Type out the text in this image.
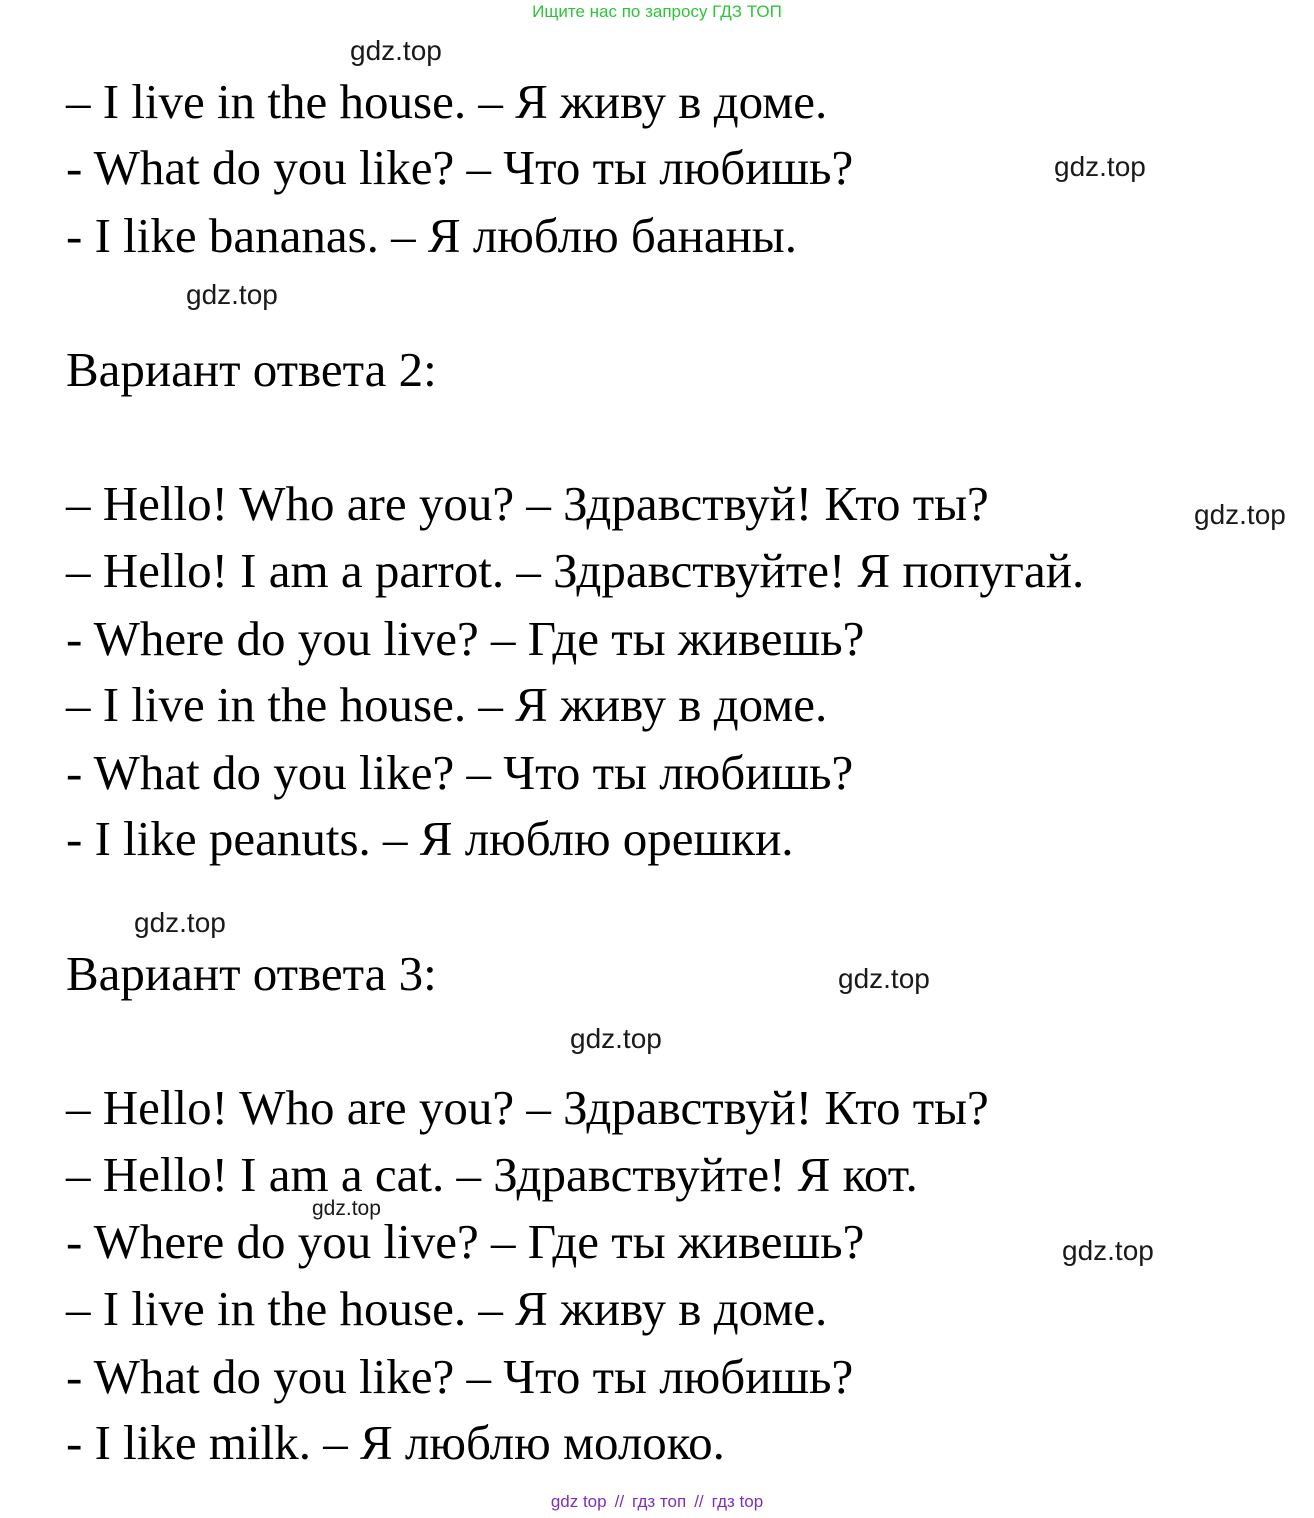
Ищите нас по запросу ГДЗ ТОП
– I live in the house. – Я живу в доме.
- What do you like? – Что ты любишь?
- I like bananas. – Я люблю бананы.
Вариант ответа 2:
– Hello! Who are you? – Здравствуй! Кто ты?
– Hello! I am a parrot. – Здравствуйте! Я попугай.
- Where do you live? – Где ты живешь?
– I live in the house. – Я живу в доме.
- What do you like? – Что ты любишь?
- I like peanuts. – Я люблю орешки.
Вариант ответа 3:
– Hello! Who are you? – Здравствуй! Кто ты?
– Hello! I am a cat. – Здравствуйте! Я кот.
- Where do you live? – Где ты живешь?
– I live in the house. – Я живу в доме.
- What do you like? – Что ты любишь?
- I like milk. – Я люблю молоко.
gdz.top
gdz.top
gdz.top
gdz.top
gdz.top
gdz.top
gdz.top
gdz.top
gdz.top
gdz top // гдз топ // гдз top
